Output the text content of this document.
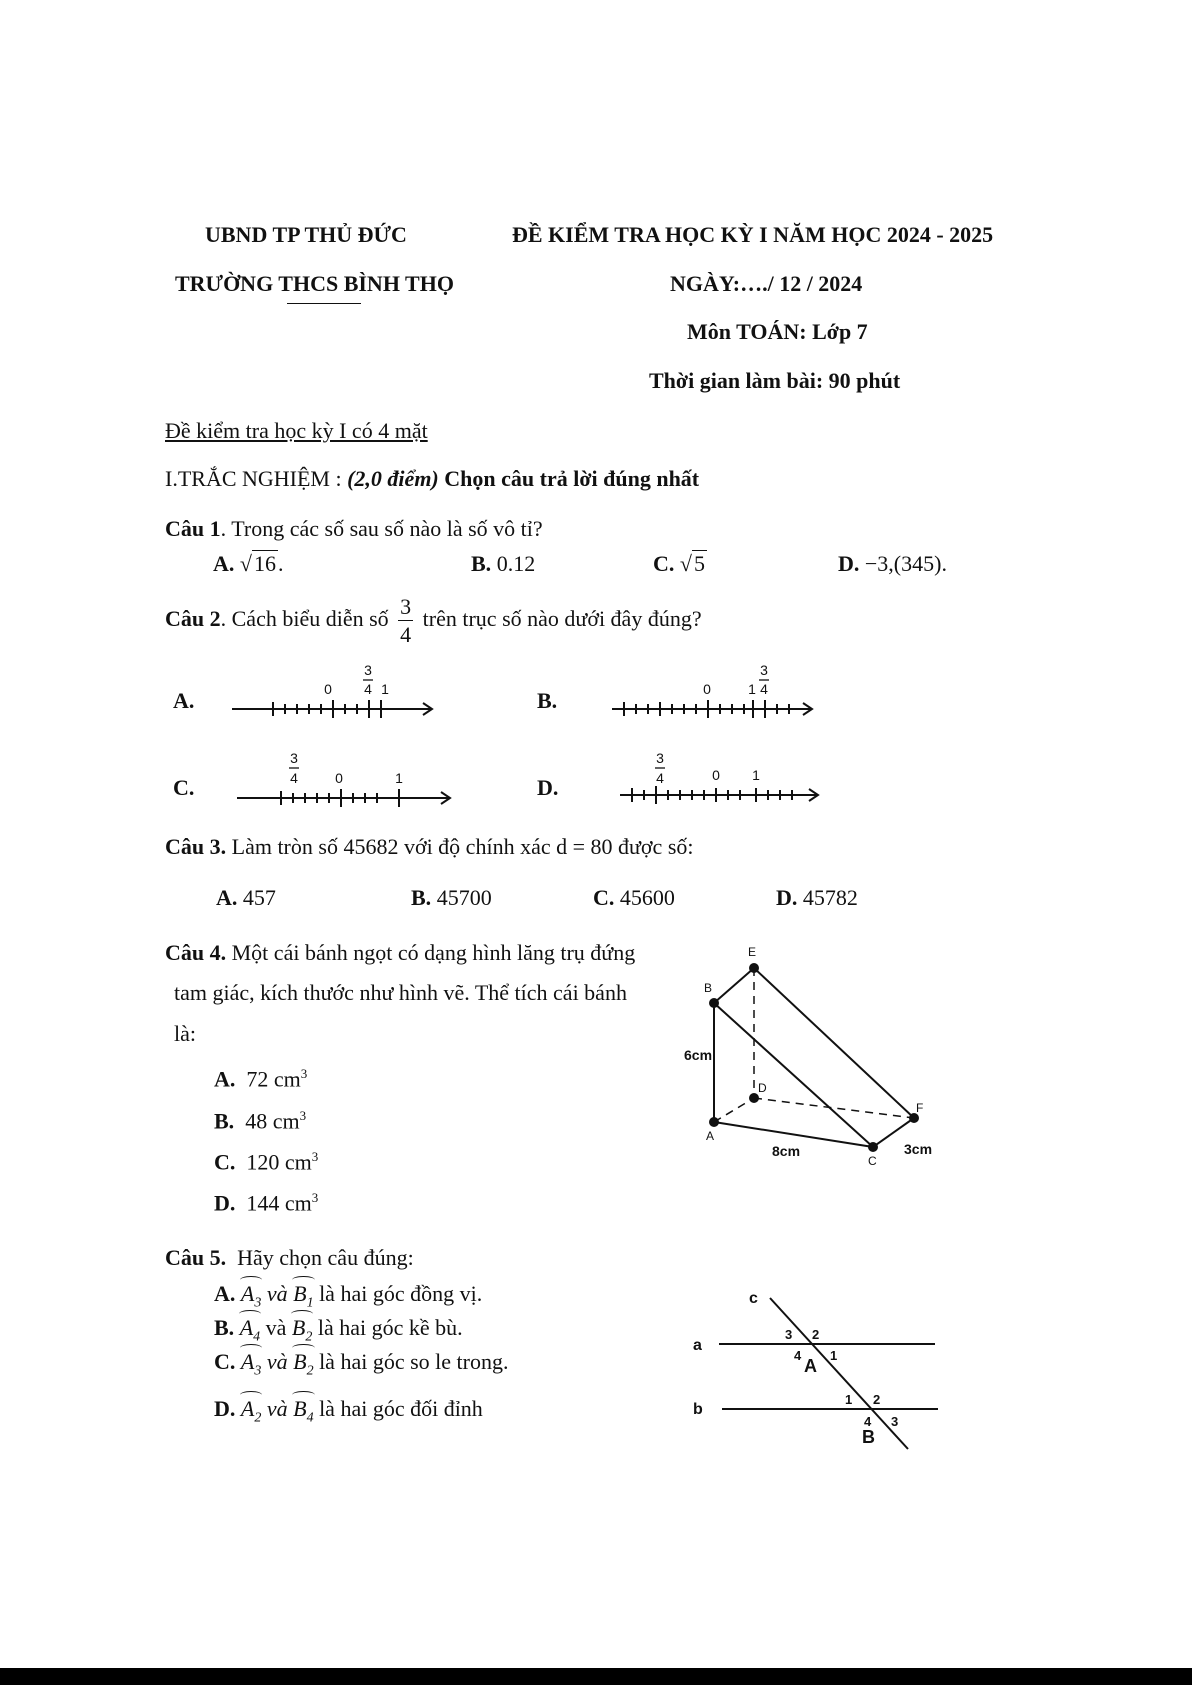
UBND TP THỦ ĐỨC	ĐỀ KIỂM TRA HỌC KỲ I NĂM HỌC 2024 - 2025
TRƯỜNG THCS BÌNH THỌ	NGÀY:…./ 12 / 2024
Môn TOÁN: Lớp 7
Thời gian làm bài: 90 phút
Đề kiểm tra học kỳ I có 4 mặt
I.TRẮC NGHIỆM : (2,0 điểm) Chọn câu trả lời đúng nhất
Câu 1. Trong các số sau số nào là số vô tỉ?
A. √16.	B. 0.12	C. √5	D. −3,(345).
Câu 2. Cách biểu diễn số $\frac{3}{4}$ trên trục số nào dưới đây đúng?
A.	B.
C.	D.
0	1
3
4	0	1
3
4
0	1
3
4	0 1
3
4
E
B
D
F
A
C
6cm
8cm	3cm
c
a
b
A
B
3 2
4 1
1 2
4 3
Câu 3. Làm tròn số 45682 với độ chính xác d = 80 được số:
A. 457	B. 45700	C. 45600	D. 45782
Câu 4. Một cái bánh ngọt có dạng hình lăng trụ đứng
tam giác, kích thước như hình vẽ. Thể tích cái bánh
là:
A. 72 $cm^3$
B. 48 $cm^3$
C. 120 $cm^3$
D. 144 $cm^3$
Câu 5. Hãy chọn câu đúng:
A. $A_3$ và $B_1$ là hai góc đồng vị.
B. $A_4$ và $B_2$ là hai góc kề bù.
C. $A_3$ và $B_2$ là hai góc so le trong.
D. $A_2$ và $B_4$ là hai góc đối đỉnh
